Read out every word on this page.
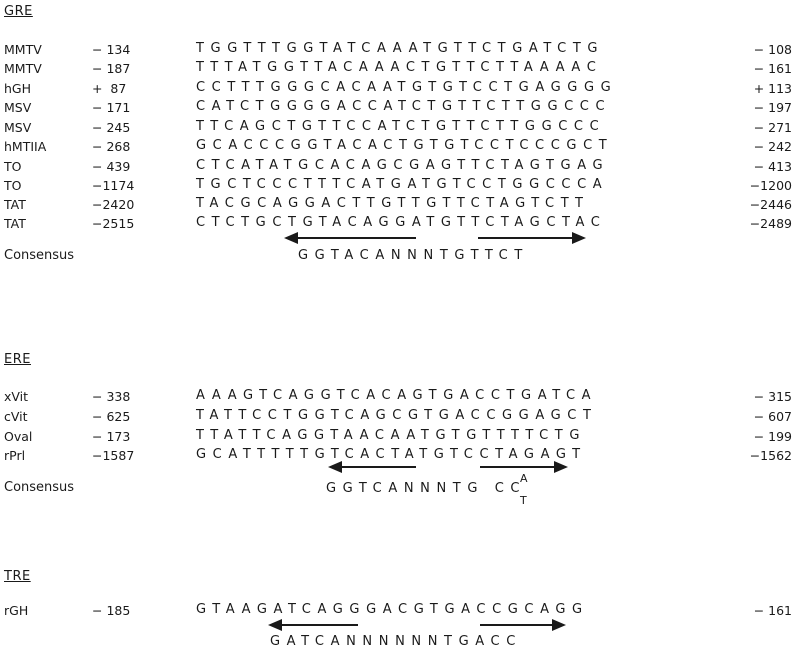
GRE
MMTV	− 134	TGGTTTGGTATCAAATGTTCTGATCTG	− 108
MMTV	− 187	TTTATGGTTACAAACTGTTCTTAAAAC	− 161
hGH	+  87	CCTTTGGGCACAATGTGTCCTGAGGGG	+ 113
MSV	− 171	CATCTGGGGACCATCTGTTCTTGGCCC	− 197
MSV	− 245	TTCAGCTGTTCCATCTGTTCTTGGCCC	− 271
hMTIIA	− 268	GCACCCGGTACACTGTGTCCTCCCGCT	− 242
TO	− 439	CTCATATGCACAGCGAGTTCTAGTGAG	− 413
TO	−1174	TGCTCCCTTTCATGATGTCCTGGCCCA	−1200
TAT	−2420	TACGCAGGACTTGTTGTTCTAGTCTT	−2446
TAT	−2515	CTCTGCTGTACAGGATGTTCTAGCTAC	−2489
Consensus	GGTACANNNTGTTCT
ERE
xVit	− 338	AAAGTCAGGTCACAGTGACCTGATCA	− 315
cVit	− 625	TATTCCTGGTCAGCGTGACCGGAGCT	− 607
Oval	− 173	TTATTCAGGTAACAATGTGTTTTCTG	− 199
rPrl	−1587	GCATTTTTGTCACTATGTCCTAGAGT	−1562
Consensus	GGTCANNNTG CC
A
T
TRE
rGH	− 185	GTAAGATCAGGGACGTGACCGCAGG	− 161
GATCANNNNNNTGACC
